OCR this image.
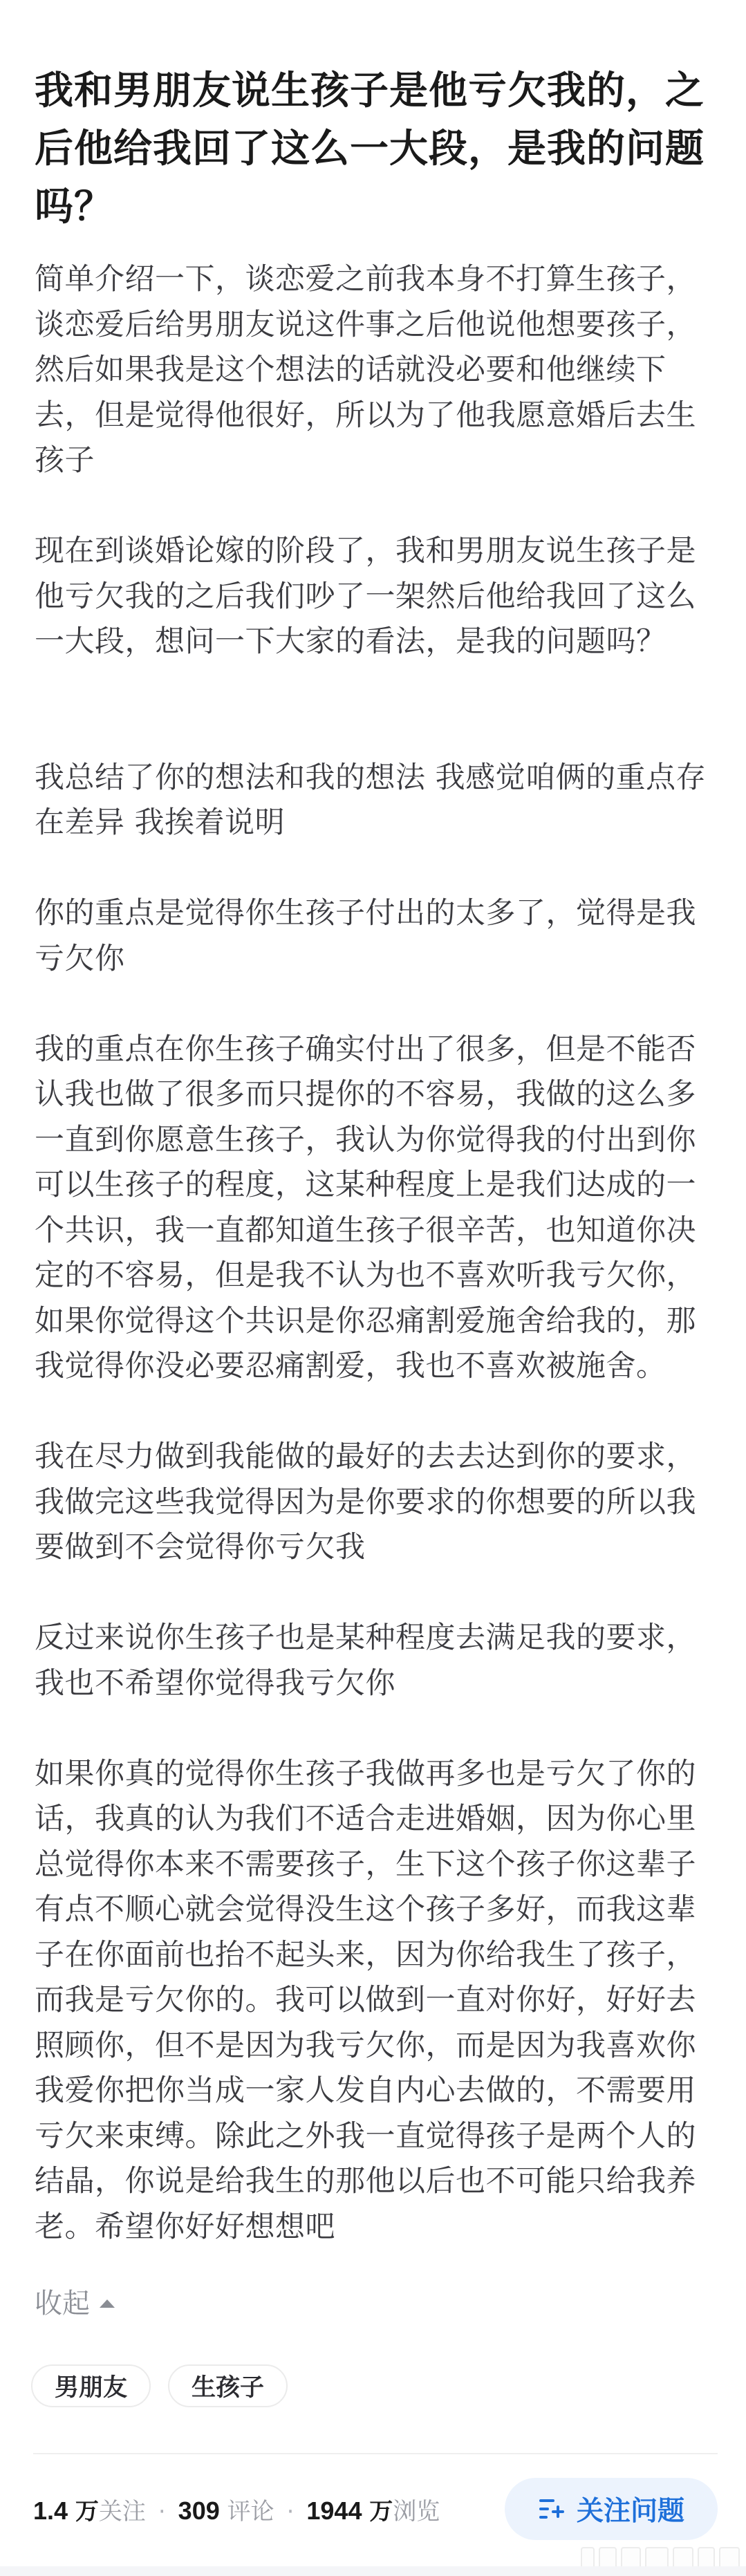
我和男朋友说生孩子是他亏欠我的，之后他给我回了这么一大段，是我的问题吗？

简单介绍一下，谈恋爱之前我本身不打算生孩子，谈恋爱后给男朋友说这件事之后他说他想要孩子，然后如果我是这个想法的话就没必要和他继续下去，但是觉得他很好，所以为了他我愿意婚后去生孩子

现在到谈婚论嫁的阶段了，我和男朋友说生孩子是他亏欠我的之后我们吵了一架然后他给我回了这么一大段，想问一下大家的看法，是我的问题吗？

我总结了你的想法和我的想法 我感觉咱俩的重点存在差异 我挨着说明

你的重点是觉得你生孩子付出的太多了，觉得是我亏欠你

我的重点在你生孩子确实付出了很多，但是不能否认我也做了很多而只提你的不容易，我做的这么多一直到你愿意生孩子，我认为你觉得我的付出到你可以生孩子的程度，这某种程度上是我们达成的一个共识，我一直都知道生孩子很辛苦，也知道你决定的不容易，但是我不认为也不喜欢听我亏欠你，如果你觉得这个共识是你忍痛割爱施舍给我的，那我觉得你没必要忍痛割爱，我也不喜欢被施舍。

我在尽力做到我能做的最好的去去达到你的要求，我做完这些我觉得因为是你要求的你想要的所以我要做到不会觉得你亏欠我

反过来说你生孩子也是某种程度去满足我的要求，我也不希望你觉得我亏欠你

如果你真的觉得你生孩子我做再多也是亏欠了你的话，我真的认为我们不适合走进婚姻，因为你心里总觉得你本来不需要孩子，生下这个孩子你这辈子有点不顺心就会觉得没生这个孩子多好，而我这辈子在你面前也抬不起头来，因为你给我生了孩子，而我是亏欠你的。我可以做到一直对你好，好好去照顾你，但不是因为我亏欠你，而是因为我喜欢你我爱你把你当成一家人发自内心去做的，不需要用亏欠来束缚。除此之外我一直觉得孩子是两个人的结晶，你说是给我生的那他以后也不可能只给我养老。希望你好好想想吧

收起
男朋友	生孩子
1.4
万 关注 · 309
评论 · 1944
万 浏览	关注问题
